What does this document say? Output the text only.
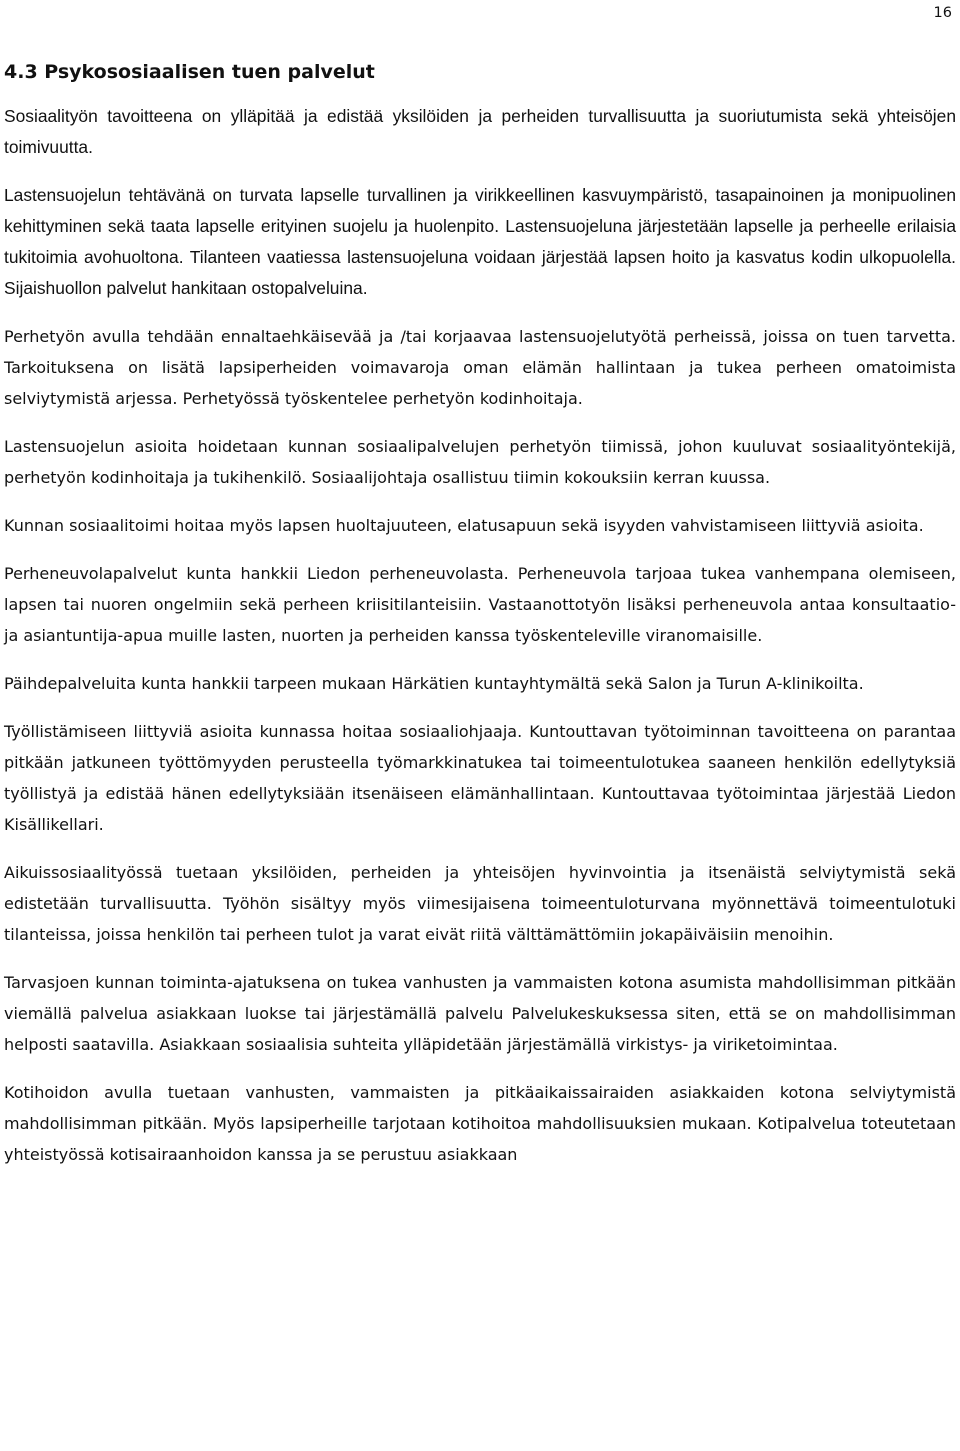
16
4.3 Psykososiaalisen tuen palvelut

Sosiaalityön tavoitteena on ylläpitää ja edistää yksilöiden ja perheiden turvallisuutta ja suoriutumista sekä yhteisöjen toimivuutta.

Lastensuojelun tehtävänä on turvata lapselle turvallinen ja virikkeellinen kasvuympäristö, tasapainoinen ja monipuolinen kehittyminen sekä taata lapselle erityinen suojelu ja huolenpito. Lastensuojeluna järjestetään lapselle ja perheelle erilaisia tukitoimia avohuoltona. Tilanteen vaatiessa lastensuojeluna voidaan järjestää lapsen hoito ja kasvatus kodin ulkopuolella. Sijaishuollon palvelut hankitaan ostopalveluina.

Perhetyön avulla tehdään ennaltaehkäisevää ja /tai korjaavaa lastensuojelutyötä perheissä, joissa on tuen tarvetta. Tarkoituksena on lisätä lapsiperheiden voimavaroja oman elämän hallintaan ja tukea perheen omatoimista selviytymistä arjessa. Perhetyössä työskentelee perhetyön kodinhoitaja.

Lastensuojelun asioita hoidetaan kunnan sosiaalipalvelujen perhetyön tiimissä, johon kuuluvat sosiaalityöntekijä, perhetyön kodinhoitaja ja tukihenkilö. Sosiaalijohtaja osallistuu tiimin kokouksiin kerran kuussa.

Kunnan sosiaalitoimi hoitaa myös lapsen huoltajuuteen, elatusapuun sekä isyyden vahvistamiseen liittyviä asioita.

Perheneuvolapalvelut kunta hankkii Liedon perheneuvolasta. Perheneuvola tarjoaa tukea vanhempana olemiseen, lapsen tai nuoren ongelmiin sekä perheen kriisitilanteisiin. Vastaanottotyön lisäksi perheneuvola antaa konsultaatio- ja asiantuntija-apua muille lasten, nuorten ja perheiden kanssa työskenteleville viranomaisille.

Päihdepalveluita kunta hankkii tarpeen mukaan Härkätien kuntayhtymältä sekä Salon ja Turun A-klinikoilta.

Työllistämiseen liittyviä asioita kunnassa hoitaa sosiaaliohjaaja. Kuntouttavan työtoiminnan tavoitteena on parantaa pitkään jatkuneen työttömyyden perusteella työmarkkinatukea tai toimeentulotukea saaneen henkilön edellytyksiä työllistyä ja edistää hänen edellytyksiään itsenäiseen elämänhallintaan. Kuntouttavaa työtoimintaa järjestää Liedon Kisällikellari.

Aikuissosiaalityössä tuetaan yksilöiden, perheiden ja yhteisöjen hyvinvointia ja itsenäistä selviytymistä sekä edistetään turvallisuutta. Työhön sisältyy myös viimesijaisena toimeentuloturvana myönnettävä toimeentulotuki tilanteissa, joissa henkilön tai perheen tulot ja varat eivät riitä välttämättömiin jokapäiväisiin menoihin.

Tarvasjoen kunnan toiminta-ajatuksena on tukea vanhusten ja vammaisten kotona asumista mahdollisimman pitkään viemällä palvelua asiakkaan luokse tai järjestämällä palvelu Palvelukeskuksessa siten, että se on mahdollisimman helposti saatavilla. Asiakkaan sosiaalisia suhteita ylläpidetään järjestämällä virkistys- ja viriketoimintaa.

Kotihoidon avulla tuetaan vanhusten, vammaisten ja pitkäaikaissairaiden asiakkaiden kotona selviytymistä mahdollisimman pitkään. Myös lapsiperheille tarjotaan kotihoitoa mahdollisuuksien mukaan. Kotipalvelua toteutetaan yhteistyössä kotisairaanhoidon kanssa ja se perustuu asiakkaan
